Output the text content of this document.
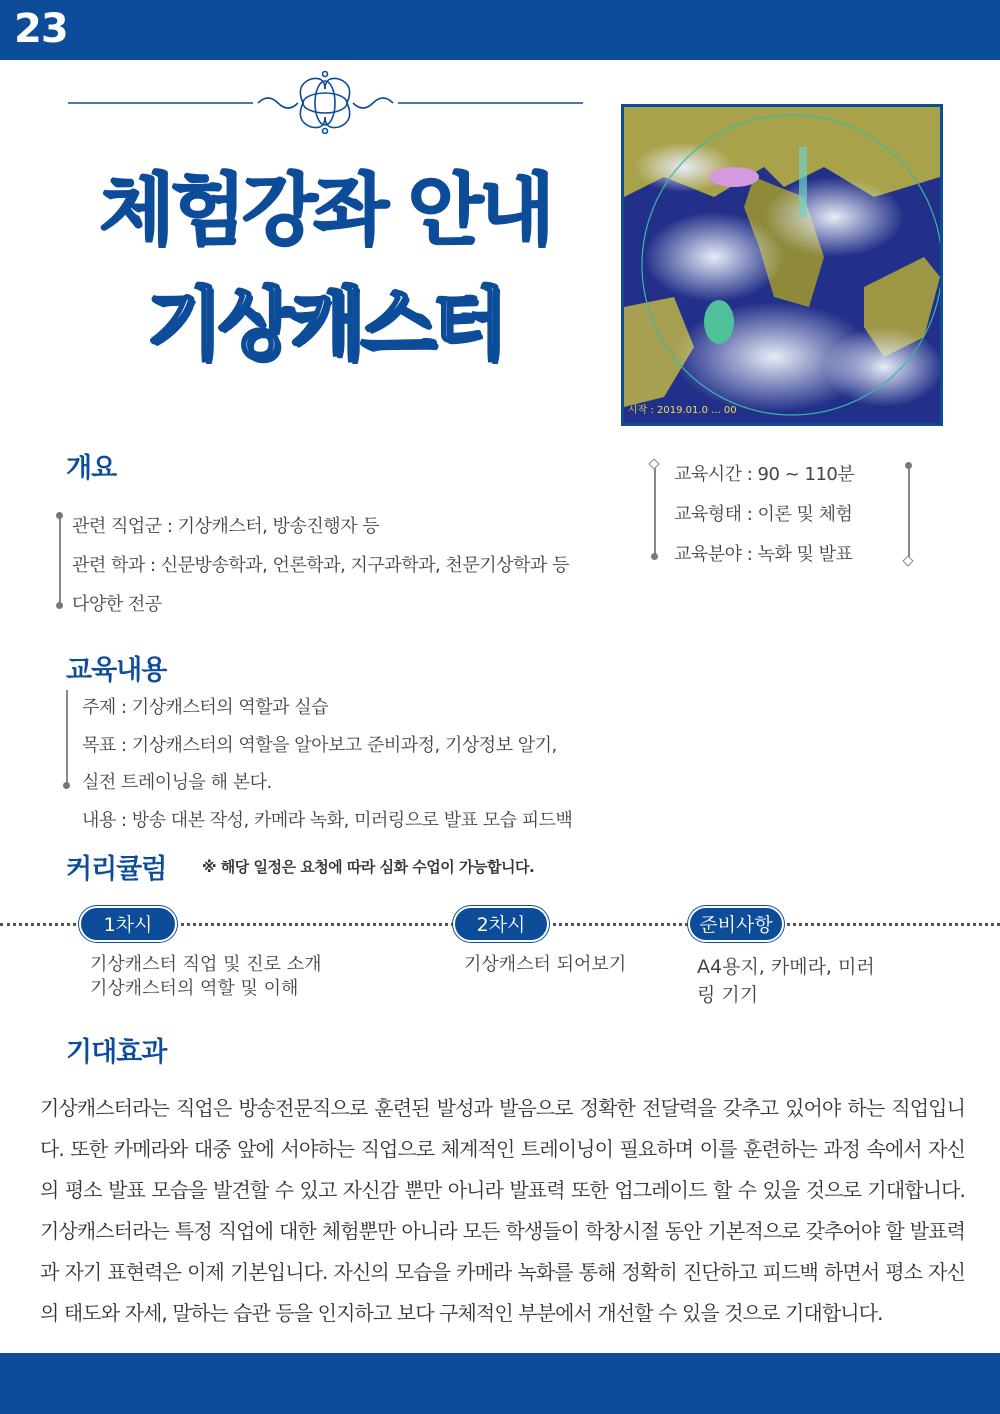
23
체험강좌 안내
기상캐스터
시작 : 2019.01.0 ... 00
개요
관련 직업군 : 기상캐스터, 방송진행자 등
관련 학과 : 신문방송학과, 언론학과, 지구과학과, 천문기상학과 등
다양한 전공
교육시간 : 90 ~ 110분
교육형태 : 이론 및 체험
교육분야 : 녹화 및 발표
교육내용
주제 : 기상캐스터의 역할과 실습
목표 : 기상캐스터의 역할을 알아보고 준비과정, 기상정보 알기,
실전 트레이닝을 해 본다.
내용 : 방송 대본 작성, 카메라 녹화, 미러링으로 발표 모습 피드백
커리큘럼 ※ 해당 일정은 요청에 따라 심화 수업이 가능합니다.
1차시
기상캐스터 직업 및 진로 소개
기상캐스터의 역할 및 이해
2차시
기상캐스터 되어보기
준비사항
A4용지, 카메라, 미러
링 기기
기대효과
기상캐스터라는 직업은 방송전문직으로 훈련된 발성과 발음으로 정확한 전달력을 갖추고 있어야 하는 직업입니다. 또한 카메라와 대중 앞에 서야하는 직업으로 체계적인 트레이닝이 필요하며 이를 훈련하는 과정 속에서 자신의 평소 발표 모습을 발견할 수 있고 자신감 뿐만 아니라 발표력 또한 업그레이드 할 수 있을 것으로 기대합니다. 기상캐스터라는 특정 직업에 대한 체험뿐만 아니라 모든 학생들이 학창시절 동안 기본적으로 갖추어야 할 발표력과 자기 표현력은 이제 기본입니다. 자신의 모습을 카메라 녹화를 통해 정확히 진단하고 피드백 하면서 평소 자신의 태도와 자세, 말하는 습관 등을 인지하고 보다 구체적인 부분에서 개선할 수 있을 것으로 기대합니다.
